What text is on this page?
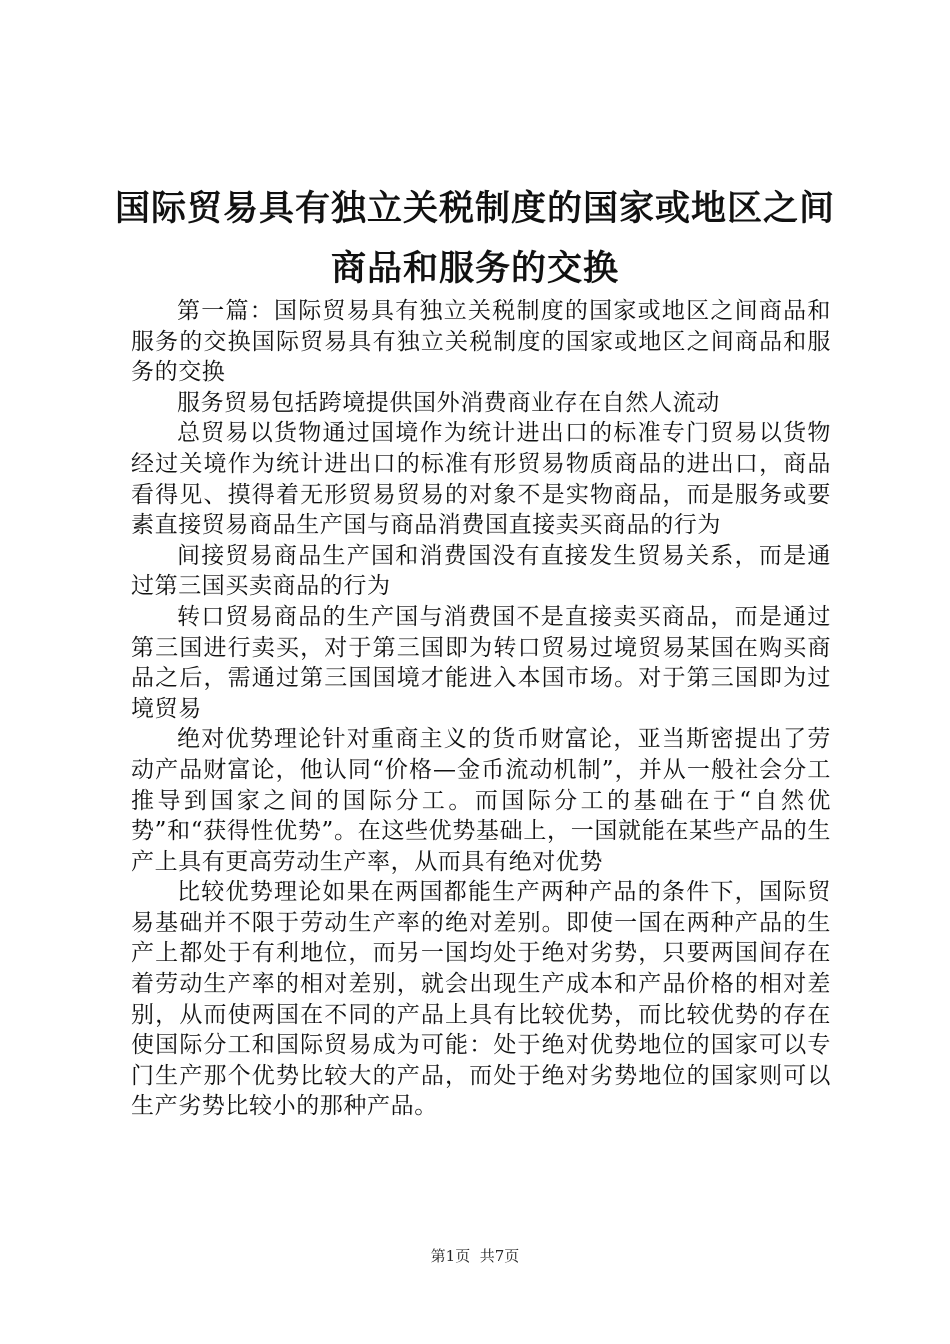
国际贸易具有独立关税制度的国家或地区之间
商品和服务的交换

第一篇：国际贸易具有独立关税制度的国家或地区之间商品和服务的交换国际贸易具有独立关税制度的国家或地区之间商品和服务的交换

服务贸易包括跨境提供国外消费商业存在自然人流动

总贸易以货物通过国境作为统计进出口的标准专门贸易以货物经过关境作为统计进出口的标准有形贸易物质商品的进出口，商品看得见、摸得着无形贸易贸易的对象不是实物商品，而是服务或要素直接贸易商品生产国与商品消费国直接卖买商品的行为

间接贸易商品生产国和消费国没有直接发生贸易关系，而是通过第三国买卖商品的行为

转口贸易商品的生产国与消费国不是直接卖买商品，而是通过第三国进行卖买，对于第三国即为转口贸易过境贸易某国在购买商品之后，需通过第三国国境才能进入本国市场。对于第三国即为过境贸易

绝对优势理论针对重商主义的货币财富论，亚当斯密提出了劳动产品财富论，他认同“价格—金币流动机制”，并从一般社会分工推导到国家之间的国际分工。而国际分工的基础在于“自然优势”和“获得性优势”。在这些优势基础上，一国就能在某些产品的生产上具有更高劳动生产率，从而具有绝对优势

比较优势理论如果在两国都能生产两种产品的条件下，国际贸易基础并不限于劳动生产率的绝对差别。即使一国在两种产品的生产上都处于有利地位，而另一国均处于绝对劣势，只要两国间存在着劳动生产率的相对差别，就会出现生产成本和产品价格的相对差别，从而使两国在不同的产品上具有比较优势，而比较优势的存在使国际分工和国际贸易成为可能：处于绝对优势地位的国家可以专门生产那个优势比较大的产品，而处于绝对劣势地位的国家则可以生产劣势比较小的那种产品。

第1页 共7页
